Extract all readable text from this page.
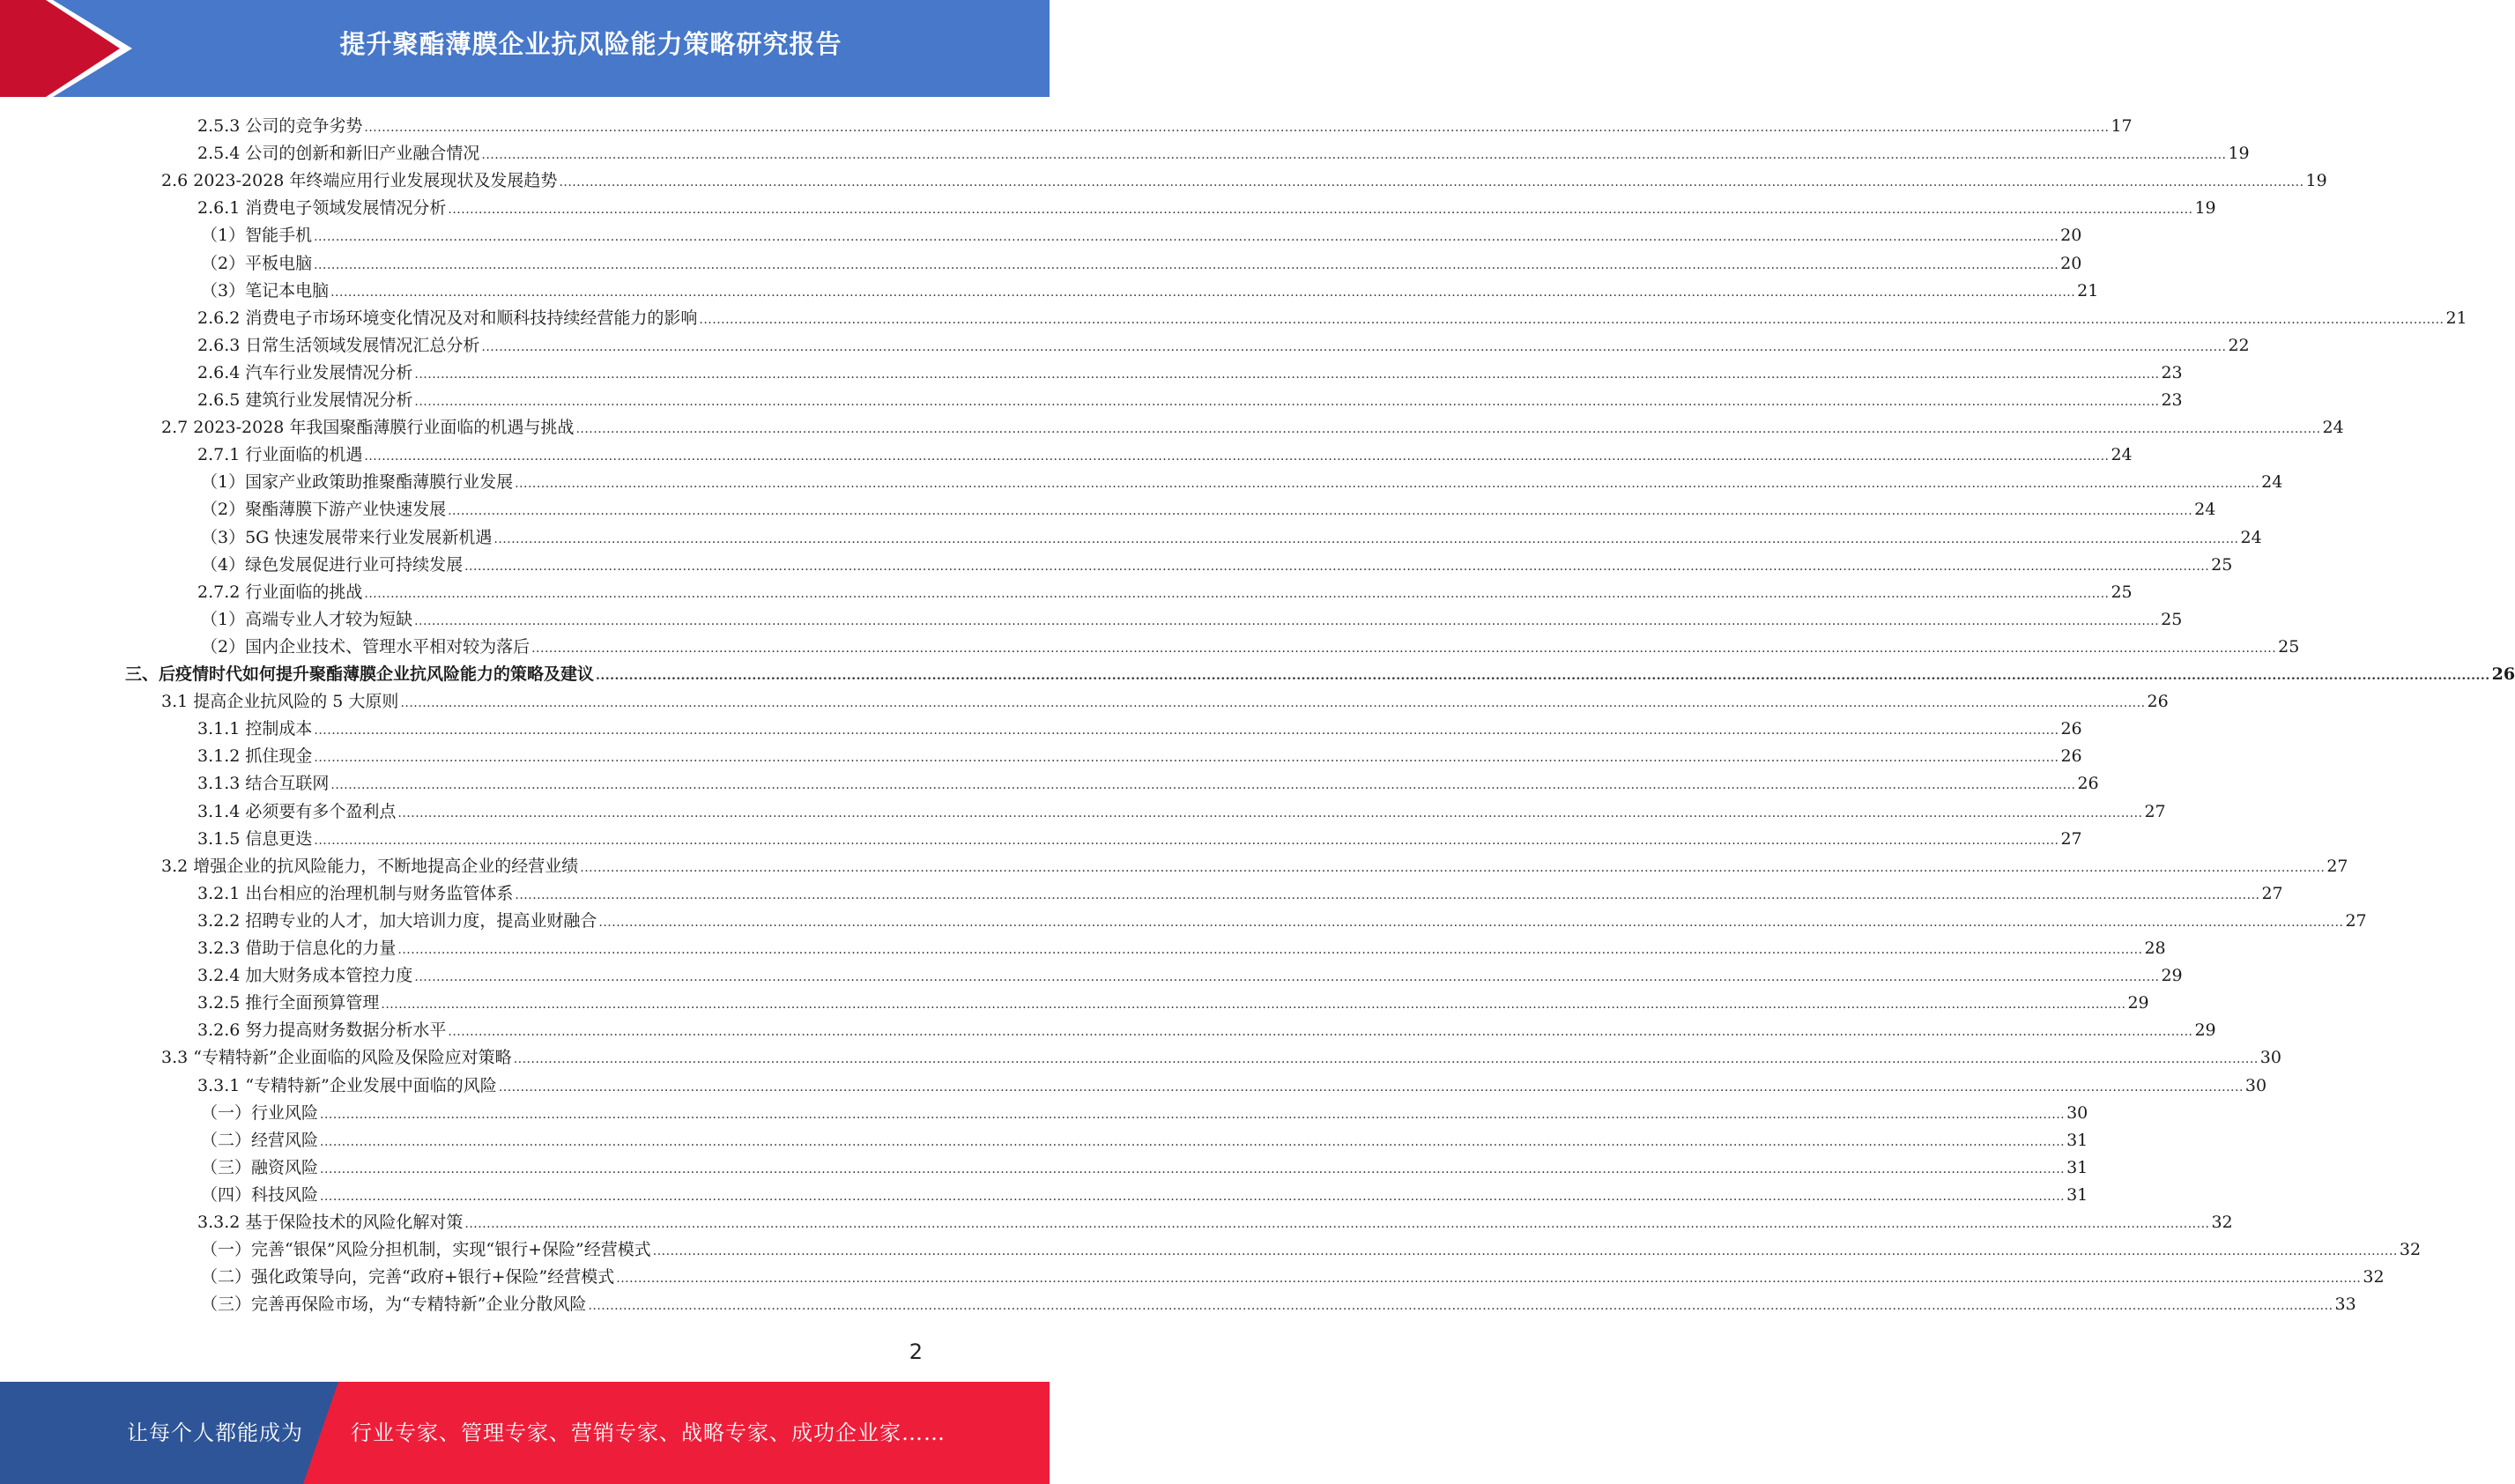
提升聚酯薄膜企业抗风险能力策略研究报告
2.5.3 公司的竞争劣势 ................................................................................................................................................................................................................................................................................................................................................................................................................ 17
2.5.4 公司的创新和新旧产业融合情况 ................................................................................................................................................................................................................................................................................................................................................................................................................ 19
2.6 2023-2028 年终端应用行业发展现状及发展趋势 ................................................................................................................................................................................................................................................................................................................................................................................................................ 19
2.6.1 消费电子领域发展情况分析 ................................................................................................................................................................................................................................................................................................................................................................................................................ 19
（1）智能手机 ................................................................................................................................................................................................................................................................................................................................................................................................................ 20
（2）平板电脑 ................................................................................................................................................................................................................................................................................................................................................................................................................ 20
（3）笔记本电脑 ................................................................................................................................................................................................................................................................................................................................................................................................................ 21
2.6.2 消费电子市场环境变化情况及对和顺科技持续经营能力的影响 ................................................................................................................................................................................................................................................................................................................................................................................................................ 21
2.6.3 日常生活领域发展情况汇总分析 ................................................................................................................................................................................................................................................................................................................................................................................................................ 22
2.6.4 汽车行业发展情况分析 ................................................................................................................................................................................................................................................................................................................................................................................................................ 23
2.6.5 建筑行业发展情况分析 ................................................................................................................................................................................................................................................................................................................................................................................................................ 23
2.7 2023-2028 年我国聚酯薄膜行业面临的机遇与挑战 ................................................................................................................................................................................................................................................................................................................................................................................................................ 24
2.7.1 行业面临的机遇 ................................................................................................................................................................................................................................................................................................................................................................................................................ 24
（1）国家产业政策助推聚酯薄膜行业发展 ................................................................................................................................................................................................................................................................................................................................................................................................................ 24
（2）聚酯薄膜下游产业快速发展 ................................................................................................................................................................................................................................................................................................................................................................................................................ 24
（3）5G 快速发展带来行业发展新机遇 ................................................................................................................................................................................................................................................................................................................................................................................................................ 24
（4）绿色发展促进行业可持续发展 ................................................................................................................................................................................................................................................................................................................................................................................................................ 25
2.7.2 行业面临的挑战 ................................................................................................................................................................................................................................................................................................................................................................................................................ 25
（1）高端专业人才较为短缺 ................................................................................................................................................................................................................................................................................................................................................................................................................ 25
（2）国内企业技术、管理水平相对较为落后 ................................................................................................................................................................................................................................................................................................................................................................................................................ 25
三、后疫情时代如何提升聚酯薄膜企业抗风险能力的策略及建议 ................................................................................................................................................................................................................................................................................................................................................................................................................ 26
3.1 提高企业抗风险的 5 大原则 ................................................................................................................................................................................................................................................................................................................................................................................................................ 26
3.1.1 控制成本 ................................................................................................................................................................................................................................................................................................................................................................................................................ 26
3.1.2 抓住现金 ................................................................................................................................................................................................................................................................................................................................................................................................................ 26
3.1.3 结合互联网 ................................................................................................................................................................................................................................................................................................................................................................................................................ 26
3.1.4 必须要有多个盈利点 ................................................................................................................................................................................................................................................................................................................................................................................................................ 27
3.1.5 信息更迭 ................................................................................................................................................................................................................................................................................................................................................................................................................ 27
3.2 增强企业的抗风险能力，不断地提高企业的经营业绩 ................................................................................................................................................................................................................................................................................................................................................................................................................ 27
3.2.1 出台相应的治理机制与财务监管体系 ................................................................................................................................................................................................................................................................................................................................................................................................................ 27
3.2.2 招聘专业的人才，加大培训力度，提高业财融合 ................................................................................................................................................................................................................................................................................................................................................................................................................ 27
3.2.3 借助于信息化的力量 ................................................................................................................................................................................................................................................................................................................................................................................................................ 28
3.2.4 加大财务成本管控力度 ................................................................................................................................................................................................................................................................................................................................................................................................................ 29
3.2.5 推行全面预算管理 ................................................................................................................................................................................................................................................................................................................................................................................................................ 29
3.2.6 努力提高财务数据分析水平 ................................................................................................................................................................................................................................................................................................................................................................................................................ 29
3.3 “专精特新”企业面临的风险及保险应对策略 ................................................................................................................................................................................................................................................................................................................................................................................................................ 30
3.3.1 “专精特新”企业发展中面临的风险 ................................................................................................................................................................................................................................................................................................................................................................................................................ 30
（一）行业风险 ................................................................................................................................................................................................................................................................................................................................................................................................................ 30
（二）经营风险 ................................................................................................................................................................................................................................................................................................................................................................................................................ 31
（三）融资风险 ................................................................................................................................................................................................................................................................................................................................................................................................................ 31
（四）科技风险 ................................................................................................................................................................................................................................................................................................................................................................................................................ 31
3.3.2 基于保险技术的风险化解对策 ................................................................................................................................................................................................................................................................................................................................................................................................................ 32
（一）完善“银保”风险分担机制，实现“银行+保险”经营模式 ................................................................................................................................................................................................................................................................................................................................................................................................................ 32
（二）强化政策导向，完善“政府+银行+保险”经营模式 ................................................................................................................................................................................................................................................................................................................................................................................................................ 32
（三）完善再保险市场，为“专精特新”企业分散风险 ................................................................................................................................................................................................................................................................................................................................................................................................................ 33
2
让每个人都能成为 行业专家、管理专家、营销专家、战略专家、成功企业家……
